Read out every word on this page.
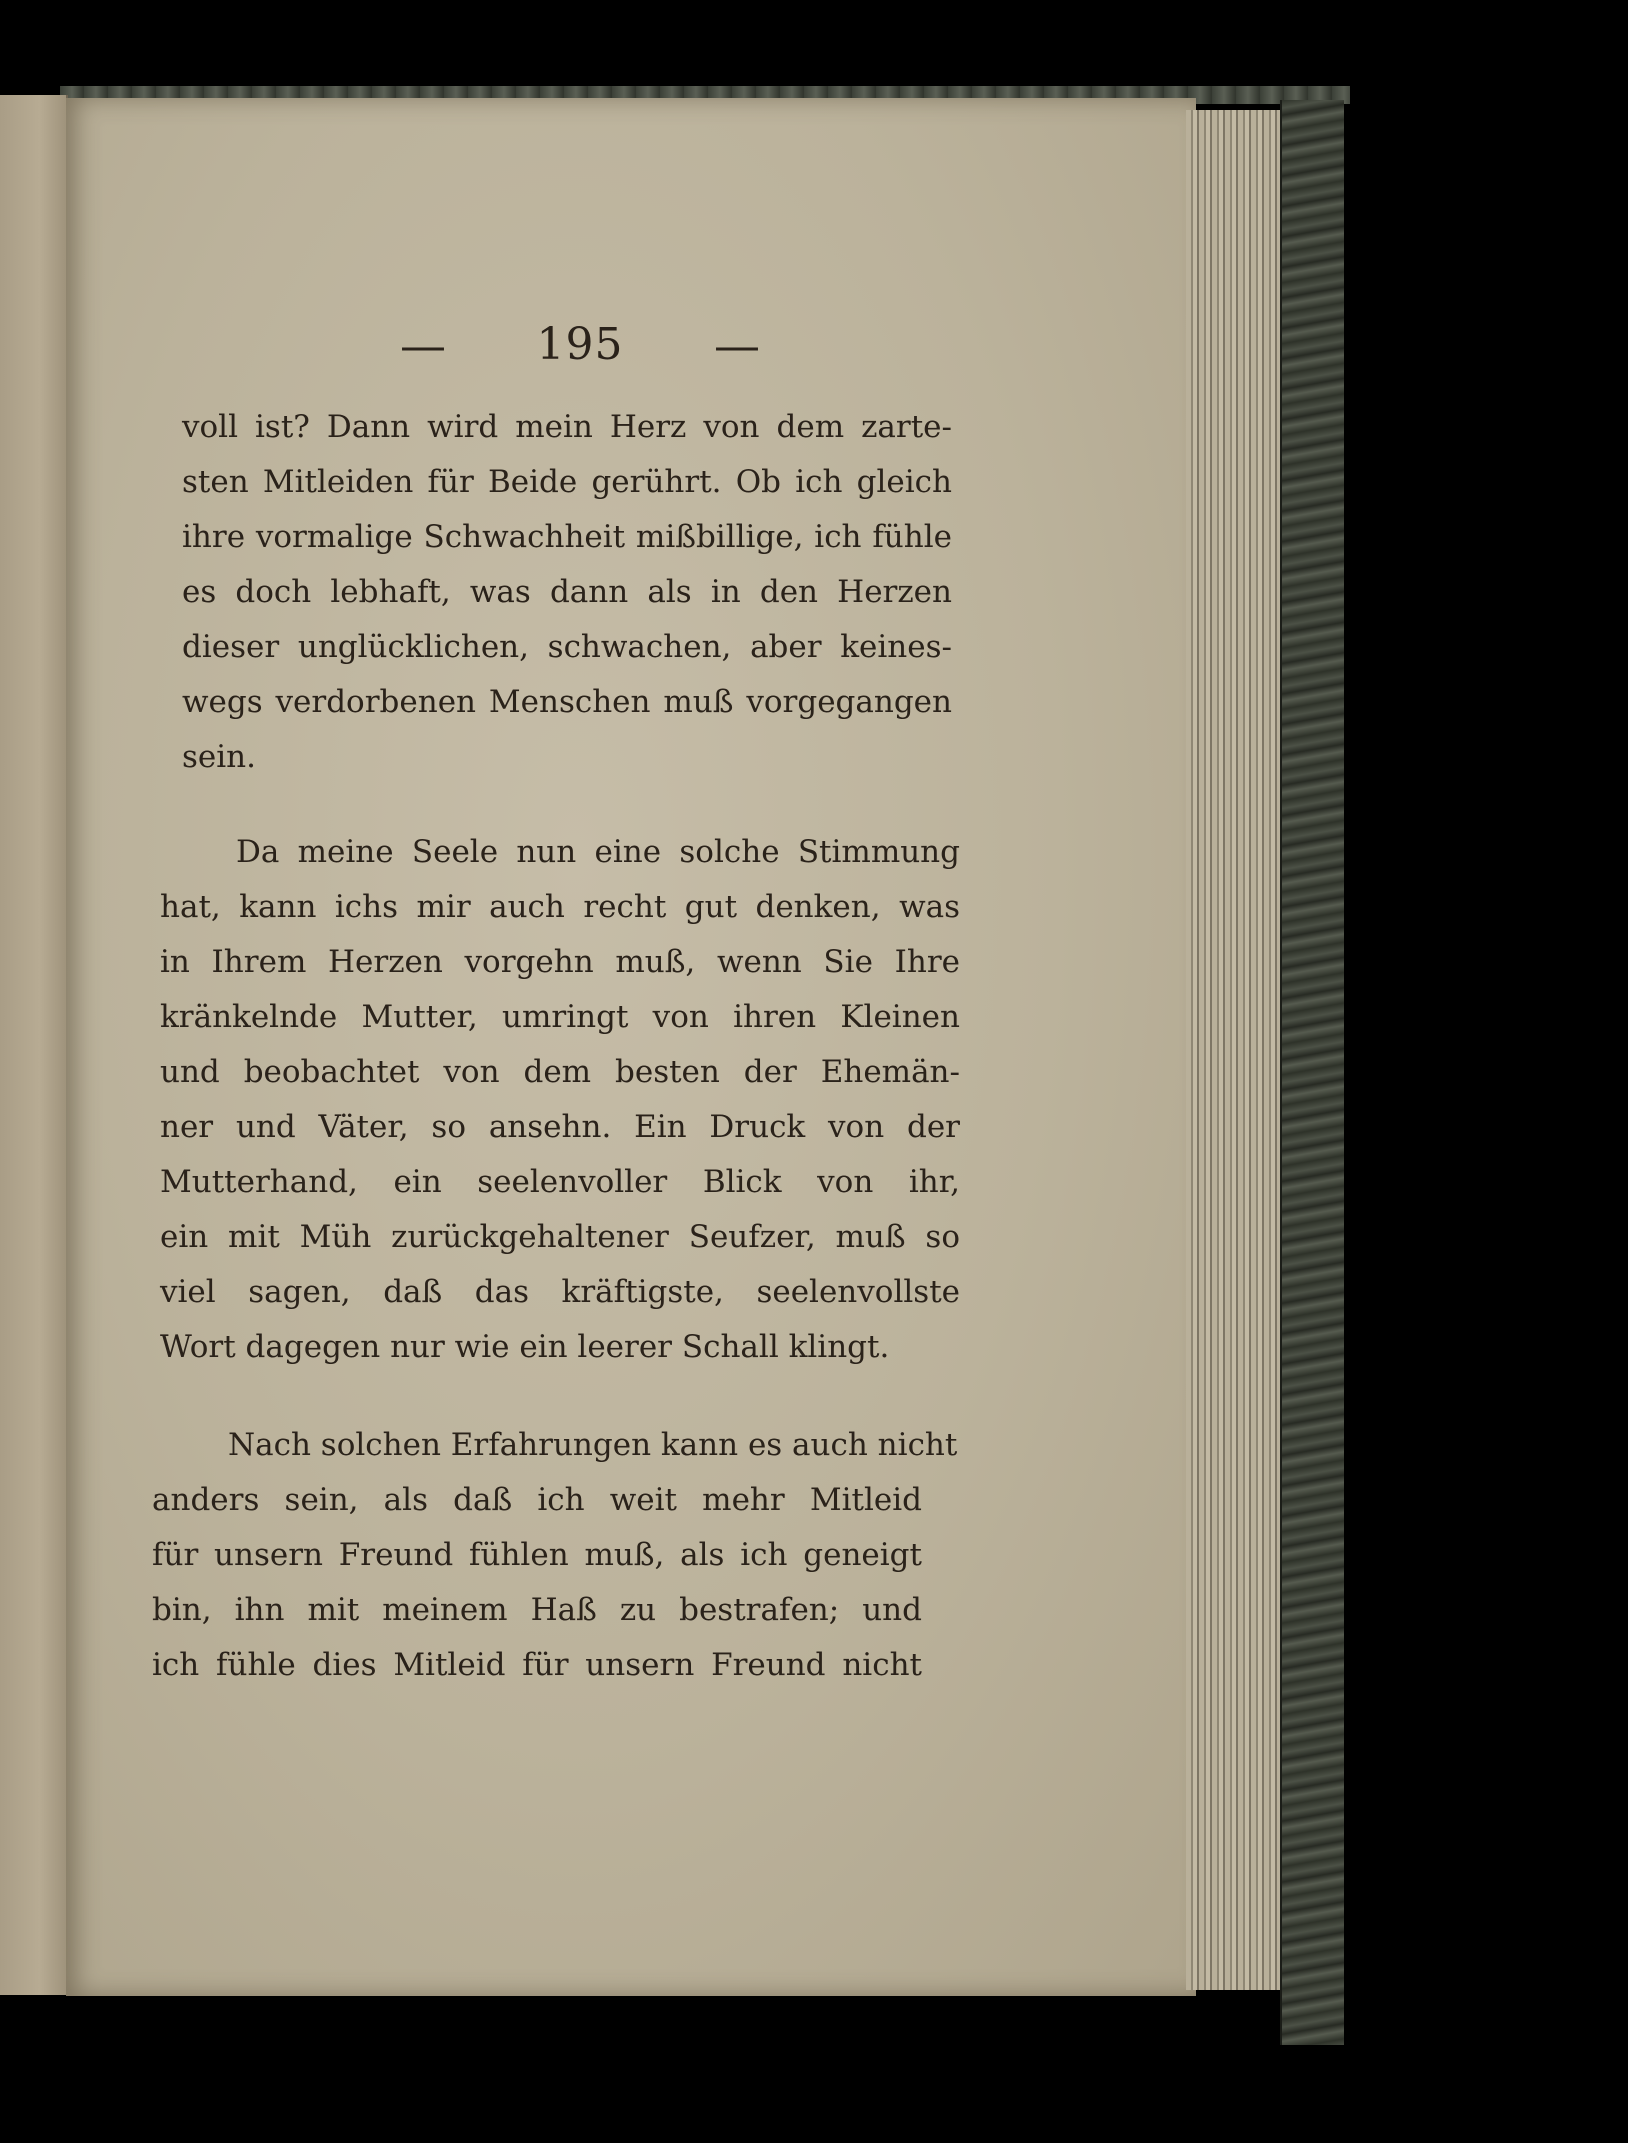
— 195 —
voll ist? Dann wird mein Herz von dem zarte-
sten Mitleiden für Beide gerührt. Ob ich gleich
ihre vormalige Schwachheit mißbillige, ich fühle
es doch lebhaft, was dann als in den Herzen
dieser unglücklichen, schwachen, aber keines-
wegs verdorbenen Menschen muß vorgegangen
sein.
Da meine Seele nun eine solche Stimmung
hat, kann ichs mir auch recht gut denken, was
in Ihrem Herzen vorgehn muß, wenn Sie Ihre
kränkelnde Mutter, umringt von ihren Kleinen
und beobachtet von dem besten der Ehemän-
ner und Väter, so ansehn. Ein Druck von der
Mutterhand, ein seelenvoller Blick von ihr,
ein mit Müh zurückgehaltener Seufzer, muß so
viel sagen, daß das kräftigste, seelenvollste
Wort dagegen nur wie ein leerer Schall klingt.
Nach solchen Erfahrungen kann es auch nicht
anders sein, als daß ich weit mehr Mitleid
für unsern Freund fühlen muß, als ich geneigt
bin, ihn mit meinem Haß zu bestrafen; und
ich fühle dies Mitleid für unsern Freund nicht
